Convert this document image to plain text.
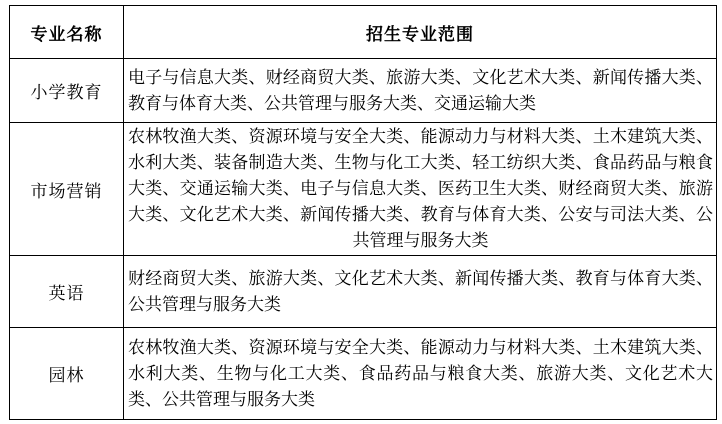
专业名称	招生专业范围
小学教育	电子与信息大类、财经商贸大类、旅游大类、文化艺术大类、新闻传播大类、教育与体育大类、公共管理与服务大类、交通运输大类
市场营销	农林牧渔大类、资源环境与安全大类、能源动力与材料大类、土木建筑大类、水利大类、装备制造大类、生物与化工大类、轻工纺织大类、食品药品与粮食大类、交通运输大类、电子与信息大类、医药卫生大类、财经商贸大类、旅游大类、文化艺术大类、新闻传播大类、教育与体育大类、公安与司法大类、公共管理与服务大类
英语	财经商贸大类、旅游大类、文化艺术大类、新闻传播大类、教育与体育大类、公共管理与服务大类
园林	农林牧渔大类、资源环境与安全大类、能源动力与材料大类、土木建筑大类、水利大类、生物与化工大类、食品药品与粮食大类、旅游大类、文化艺术大类、公共管理与服务大类
